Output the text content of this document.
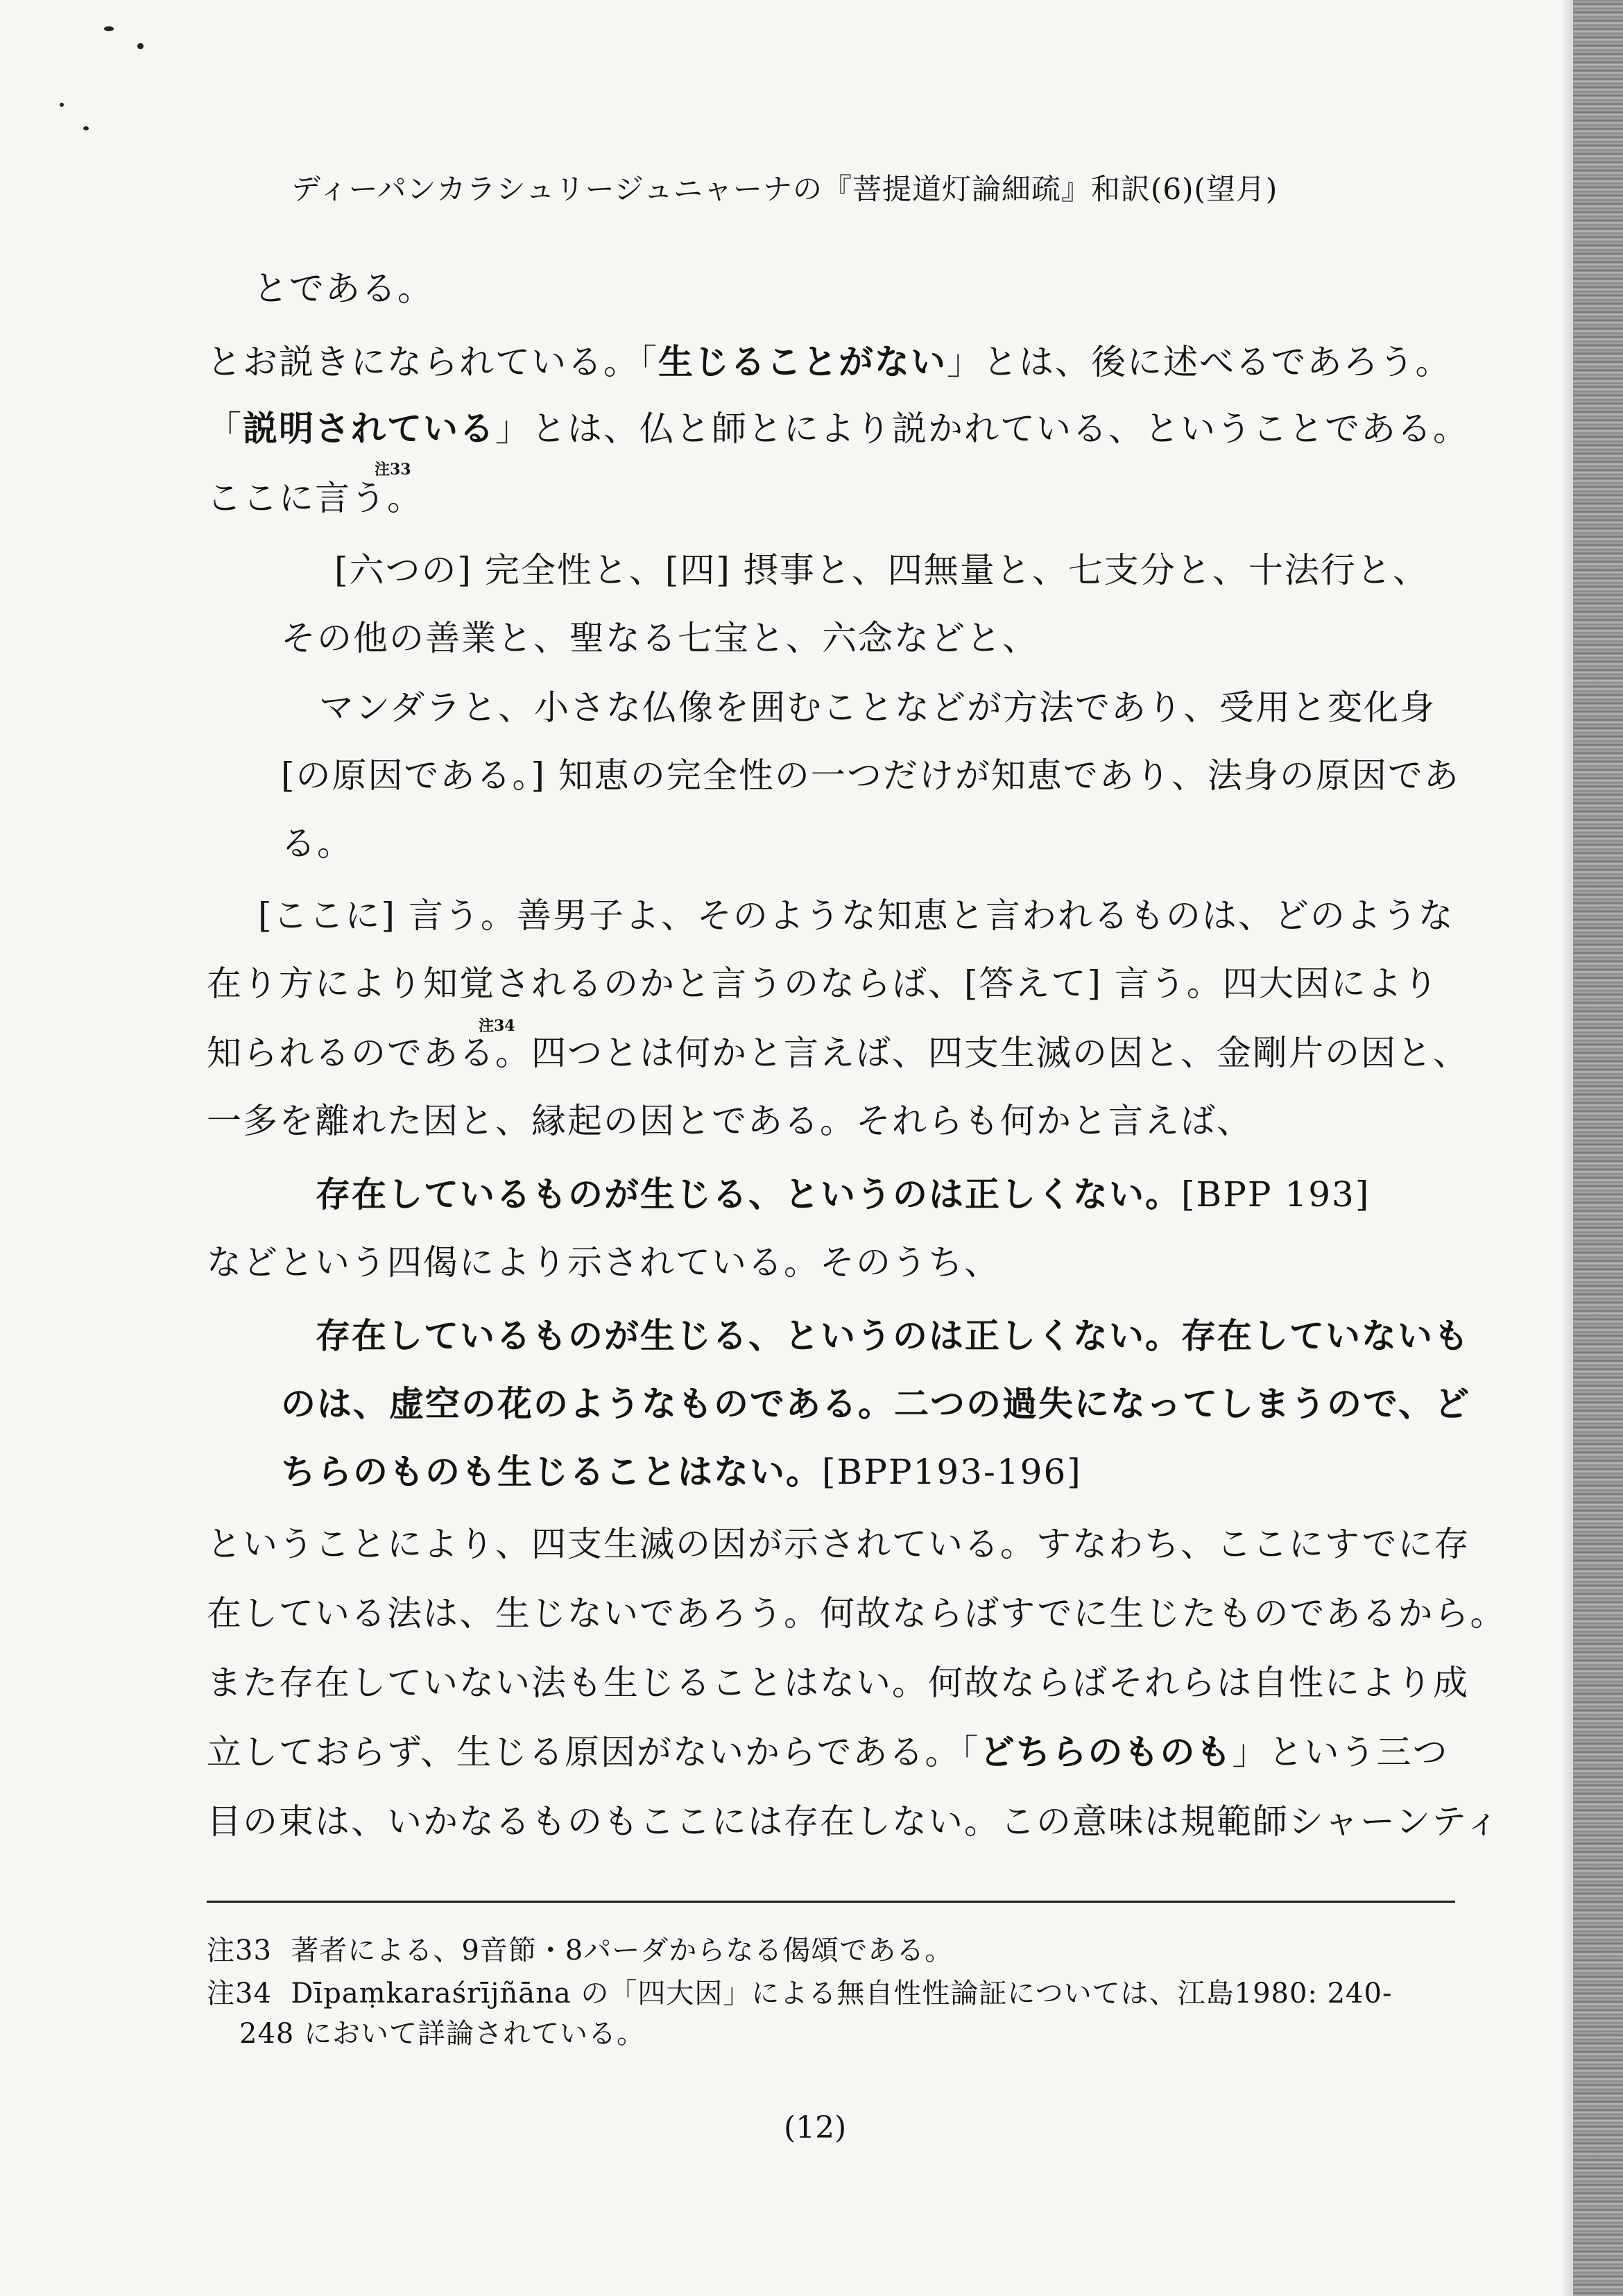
ディーパンカラシュリージュニャーナの『菩提道灯論細疏』和訳(6)(望月)
とである。
とお説きになられている。「生じることがない」とは、後に述べるであろう。
「説明されている」とは、仏と師とにより説かれている、ということである。
注33
ここに言う。
[六つの] 完全性と、[四] 摂事と、四無量と、七支分と、十法行と、
その他の善業と、聖なる七宝と、六念などと、
マンダラと、小さな仏像を囲むことなどが方法であり、受用と変化身
[の原因である。] 知恵の完全性の一つだけが知恵であり、法身の原因であ
る。
[ここに] 言う。善男子よ、そのような知恵と言われるものは、どのような
在り方により知覚されるのかと言うのならば、[答えて] 言う。四大因により
注34
知られるのである。四つとは何かと言えば、四支生滅の因と、金剛片の因と、
一多を離れた因と、縁起の因とである。それらも何かと言えば、
存在しているものが生じる、というのは正しくない。[BPP 193]
などという四偈により示されている。そのうち、
存在しているものが生じる、というのは正しくない。存在していないも
のは、虚空の花のようなものである。二つの過失になってしまうので、ど
ちらのものも生じることはない。[BPP193-196]
ということにより、四支生滅の因が示されている。すなわち、ここにすでに存
在している法は、生じないであろう。何故ならばすでに生じたものであるから。
また存在していない法も生じることはない。何故ならばそれらは自性により成
立しておらず、生じる原因がないからである。「どちらのものも」という三つ
目の束は、いかなるものもここには存在しない。この意味は規範師シャーンティ
注33 著者による、9音節・8パーダからなる偈頌である。
注34 Dīpaṃkaraśrījñāna の「四大因」による無自性性論証については、江島1980: 240-
248 において詳論されている。
(12)
